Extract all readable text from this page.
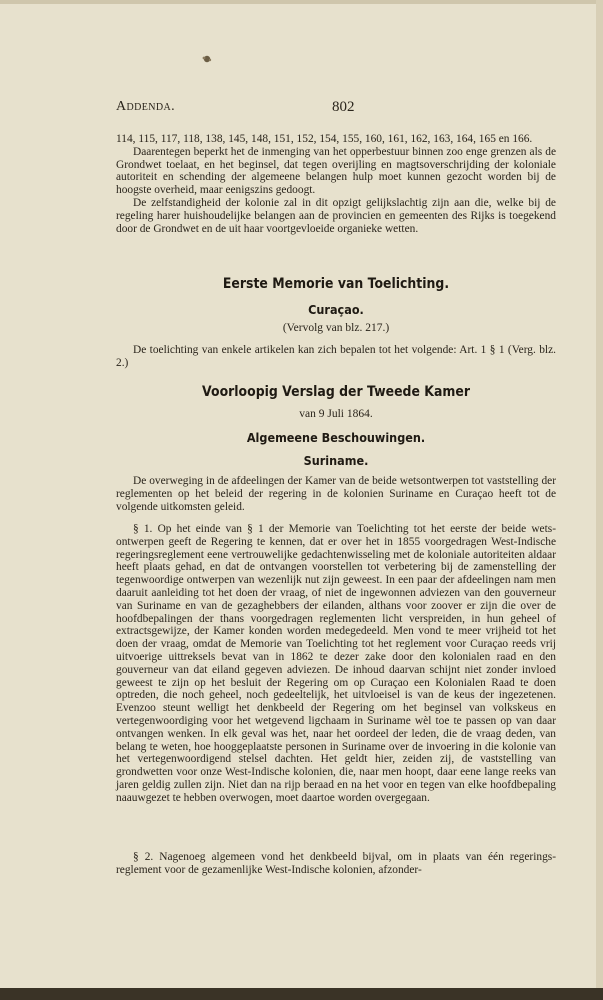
Addenda.	802

114, 115, 117, 118, 138, 145, 148, 151, 152, 154, 155, 160, 161, 162, 163, 164, 165 en 166.

Daarentegen beperkt het de inmenging van het opperbestuur binnen zoo enge grenzen als de Grondwet toelaat, en het beginsel, dat tegen overijling en magtsoverschrijding der koloniale autoriteit en schending der algemeene belangen hulp moet kunnen gezocht worden bij de hoogste overheid, maar eenigszins gedoogt.

De zelfstandigheid der kolonie zal in dit opzigt gelijkslachtig zijn aan die, welke bij de regeling harer huishoudelijke belangen aan de provincien en gemeenten des Rijks is toegekend door de Grondwet en de uit haar voortgevloeide organieke wetten.

Eerste Memorie van Toelichting.
Curaçao.
(Vervolg van blz. 217.)

De toelichting van enkele artikelen kan zich bepalen tot het volgende: Art. 1 § 1 (Verg. blz. 2.)

Voorloopig Verslag der Tweede Kamer
van 9 Juli 1864.
Algemeene Beschouwingen.
Suriname.

De overweging in de afdeelingen der Kamer van de beide wetsontwerpen tot vaststelling der reglementen op het beleid der regering in de kolonien Suriname en Curaçao heeft tot de volgende uitkomsten geleid.

§ 1. Op het einde van § 1 der Memorie van Toelichting tot het eerste der beide wets-ontwerpen geeft de Regering te kennen, dat er over het in 1855 voorgedragen West-Indische regeringsreglement eene vertrouwelijke gedachtenwisseling met de koloniale autoriteiten aldaar heeft plaats gehad, en dat de ontvangen voorstellen tot verbetering bij de zamenstelling der tegenwoordige ontwerpen van wezenlijk nut zijn geweest. In een paar der afdeelingen nam men daaruit aanleiding tot het doen der vraag, of niet de ingewonnen adviezen van den gouverneur van Suriname en van de gezaghebbers der eilanden, althans voor zoover er zijn die over de hoofdbepalingen der thans voorgedragen reglementen licht verspreiden, in hun geheel of extractsgewijze, der Kamer konden worden medegedeeld. Men vond te meer vrijheid tot het doen der vraag, omdat de Memorie van Toelichting tot het reglement voor Curaçao reeds vrij uitvoerige uittreksels bevat van in 1862 te dezer zake door den kolonialen raad en den gouverneur van dat eiland gegeven adviezen. De inhoud daarvan schijnt niet zonder invloed geweest te zijn op het besluit der Regering om op Curaçao een Kolonialen Raad te doen optreden, die noch geheel, noch gedeeltelijk, het uitvloeisel is van de keus der ingezetenen. Evenzoo steunt welligt het denkbeeld der Regering om het beginsel van volkskeus en vertegenwoordiging voor het wetgevend ligchaam in Suriname wèl toe te passen op van daar ontvangen wenken. In elk geval was het, naar het oordeel der leden, die de vraag deden, van belang te weten, hoe hooggeplaatste personen in Suriname over de invoering in die kolonie van het vertegenwoordigend stelsel dachten. Het geldt hier, zeiden zij, de vaststelling van grondwetten voor onze West-Indische kolonien, die, naar men hoopt, daar eene lange reeks van jaren geldig zullen zijn. Niet dan na rijp beraad en na het voor en tegen van elke hoofdbepaling naauwgezet te hebben overwogen, moet daartoe worden overgegaan.

§ 2. Nagenoeg algemeen vond het denkbeeld bijval, om in plaats van één regerings-reglement voor de gezamenlijke West-Indische kolonien, afzonder-
